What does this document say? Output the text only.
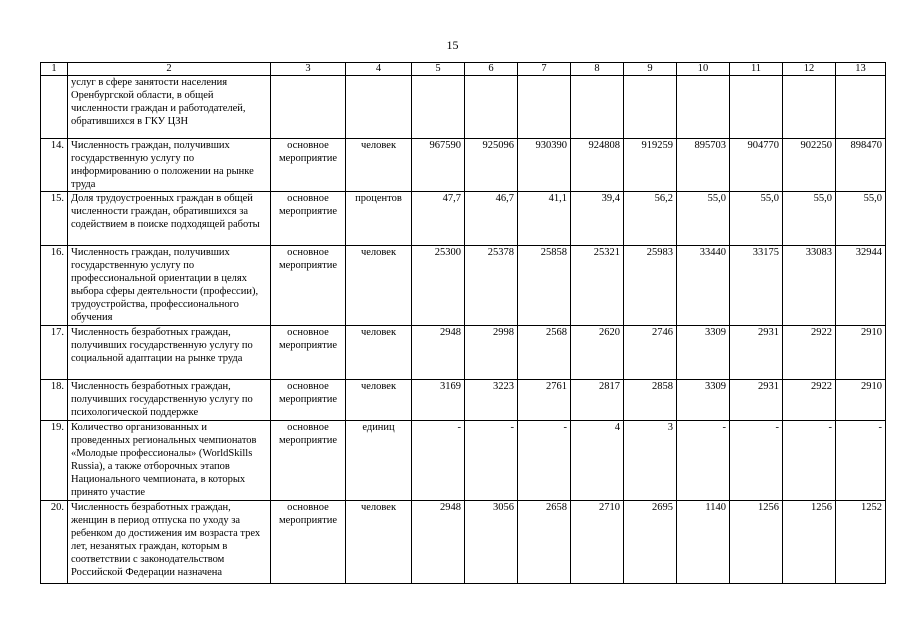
15
1	2	3	4	5	6	7	8	9	10	11	12	13
	услуг в сфере занятости населения Оренбургской области, в общей численности граждан и работодателей, обратившихся в ГКУ ЦЗН											
14.	Численность граждан, получивших государственную услугу по информированию о положении на рынке труда	основное мероприятие	человек	967590	925096	930390	924808	919259	895703	904770	902250	898470
15.	Доля трудоустроенных граждан в общей численности граждан, обратившихся за содействием в поиске подходящей работы	основное мероприятие	процентов	47,7	46,7	41,1	39,4	56,2	55,0	55,0	55,0	55,0
16.	Численность граждан, получивших государственную услугу по профессиональной ориентации в целях выбора сферы деятельности (профессии), трудоустройства, профессионального обучения	основное мероприятие	человек	25300	25378	25858	25321	25983	33440	33175	33083	32944
17.	Численность безработных граждан, получивших государственную услугу по социальной адаптации на рынке труда	основное мероприятие	человек	2948	2998	2568	2620	2746	3309	2931	2922	2910
18.	Численность безработных граждан, получивших государственную услугу по психологической поддержке	основное мероприятие	человек	3169	3223	2761	2817	2858	3309	2931	2922	2910
19.	Количество организованных и проведенных региональных чемпионатов «Молодые профессионалы» (WorldSkills Russia), а также отборочных этапов Национального чемпионата, в которых принято участие	основное мероприятие	единиц	-	-	-	4	3	-	-	-	-
20.	Численность безработных граждан, женщин в период отпуска по уходу за ребенком до достижения им возраста трех лет, незанятых граждан, которым в соответствии с законодательством Российской Федерации назначена	основное мероприятие	человек	2948	3056	2658	2710	2695	1140	1256	1256	1252
